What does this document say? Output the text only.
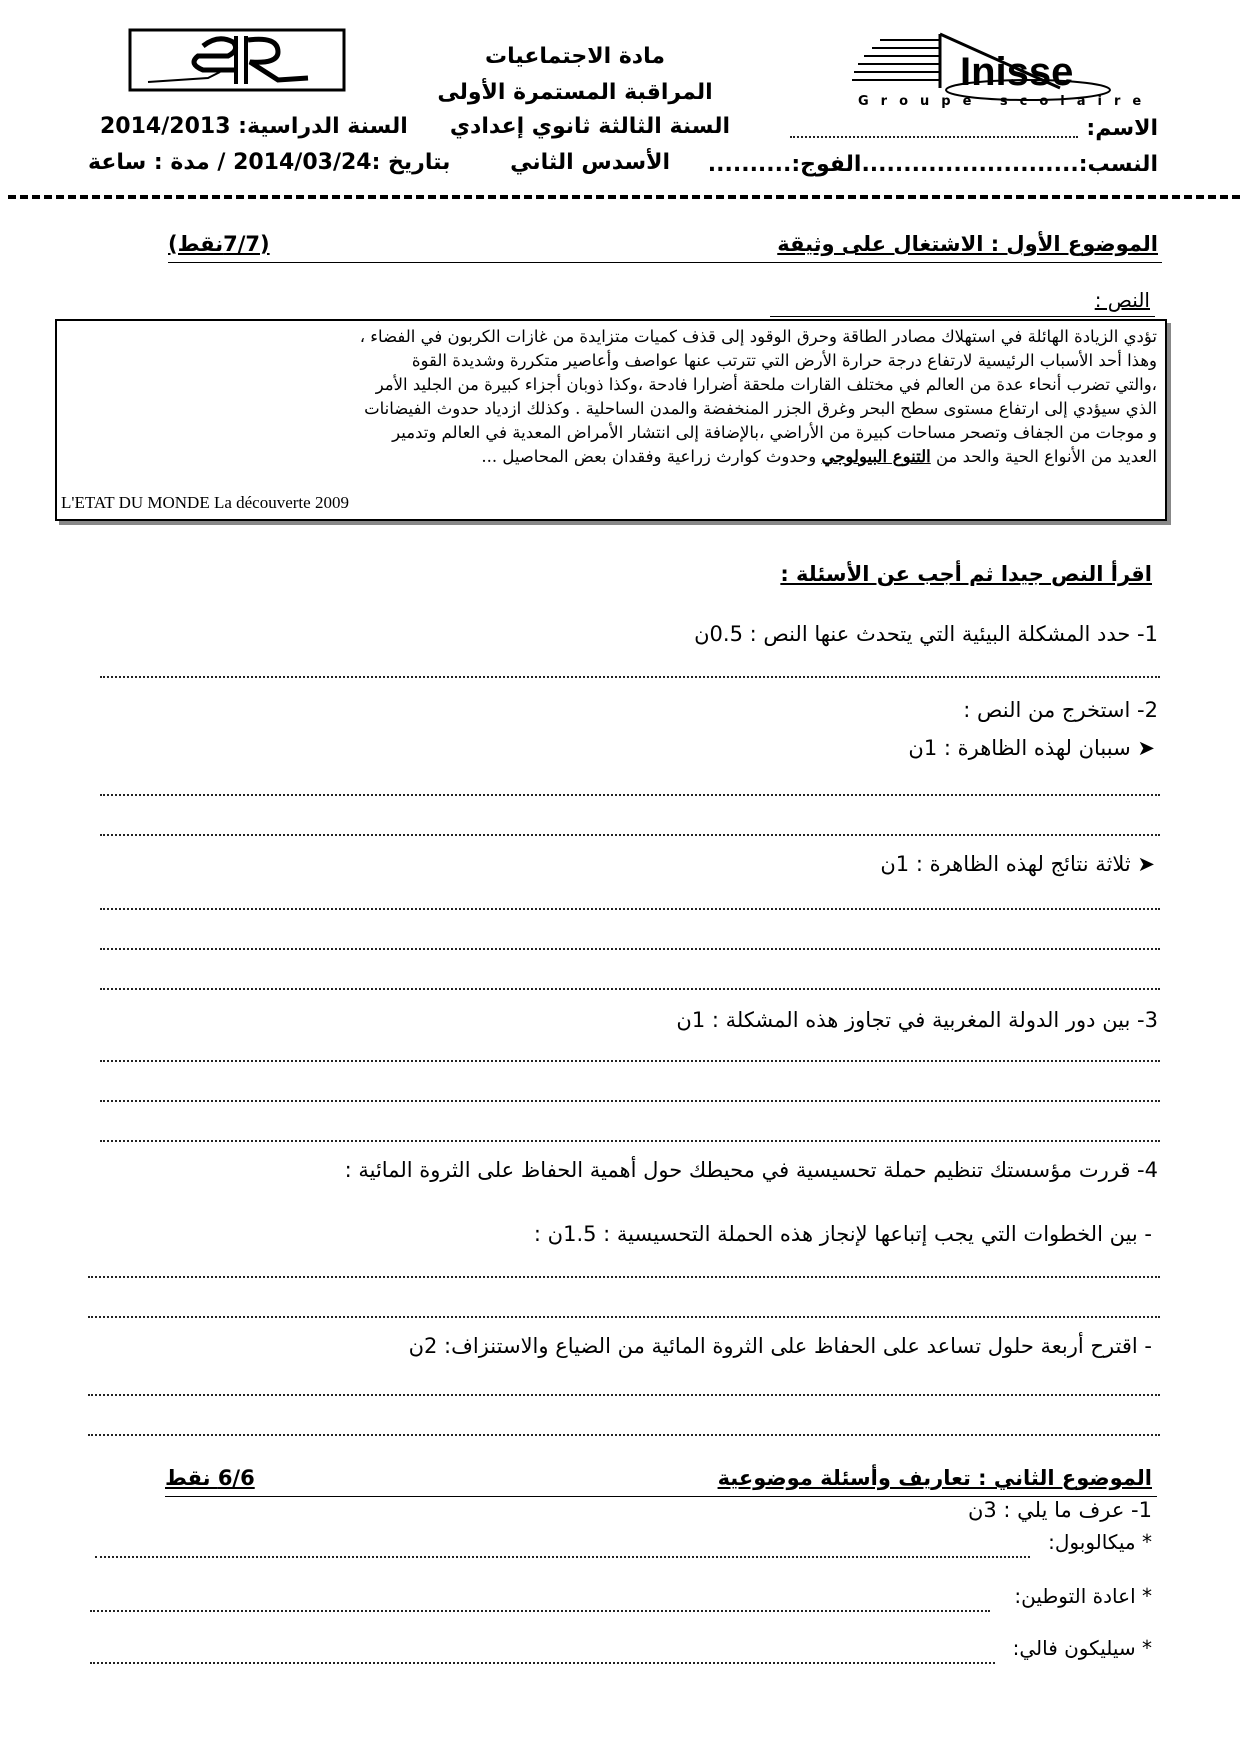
Inisse
Groupe scolaire
مادة الاجتماعيات
المراقبة المستمرة الأولى
السنة الثالثة ثانوي إعدادي
الأسدس الثاني
السنة الدراسية: 2014/2013
بتاريخ :2014/03/24 / مدة : ساعة
الاسم:
النسب:..........................الفوج:..........
الموضوع الأول : الاشتغال على وثيقة
(7/7نقط)
النص :
تؤدي الزيادة الهائلة في استهلاك مصادر الطاقة وحرق الوقود إلى قذف كميات متزايدة من غازات الكربون في الفضاء ،
وهذا أحد الأسباب الرئيسية لارتفاع درجة حرارة الأرض التي تترتب عنها عواصف وأعاصير متكررة وشديدة القوة
،والتي تضرب أنحاء عدة من العالم في مختلف القارات ملحقة أضرارا فادحة ،وكذا ذوبان أجزاء كبيرة من الجليد الأمر
الذي سيؤدي إلى ارتفاع مستوى سطح البحر وغرق الجزر المنخفضة والمدن الساحلية . وكذلك ازدياد حدوث الفيضانات
و موجات من الجفاف وتصحر مساحات كبيرة من الأراضي ،بالإضافة إلى انتشار الأمراض المعدية في العالم وتدمير
العديد من الأنواع الحية والحد من التنوع البيولوجي وحدوث كوارث زراعية وفقدان بعض المحاصيل ...
L'ETAT DU MONDE La découverte 2009
اقرأ النص جيدا ثم أجب عن الأسئلة :
1- حدد المشكلة البيئية التي يتحدث عنها النص : 0.5ن
2- استخرج من النص :
➤ سببان لهذه الظاهرة : 1ن
➤ ثلاثة نتائج لهذه الظاهرة : 1ن
3- بين دور الدولة المغربية في تجاوز هذه المشكلة : 1ن
4- قررت مؤسستك تنظيم حملة تحسيسية في محيطك حول أهمية الحفاظ على الثروة المائية :
- بين الخطوات التي يجب إتباعها لإنجاز هذه الحملة التحسيسية : 1.5ن :
- اقترح أربعة حلول تساعد على الحفاظ على الثروة المائية من الضياع والاستنزاف: 2ن
الموضوع الثاني : تعاريف وأسئلة موضوعية
6/6 نقط
1- عرف ما يلي : 3ن
* ميكالوبول:
* اعادة التوطين:
* سيليكون فالي:
